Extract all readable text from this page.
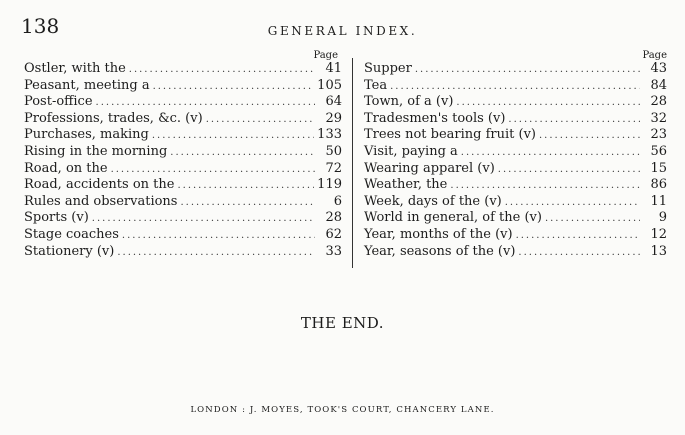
138	GENERAL INDEX.
Page
Ostler, with the .....	41
Peasant, meeting a .....	105
Post-office .....	64
Professions, trades, &c. (v) .....	29
Purchases, making .....	133
Rising in the morning .....	50
Road, on the .....	72
Road, accidents on the .....	119
Rules and observations .....	6
Sports (v) .....	28
Stage coaches .....	62
Stationery (v) .....	33
Page
Supper .....	43
Tea .....	84
Town, of a (v) .....	28
Tradesmen's tools (v) .....	32
Trees not bearing fruit (v) .....	23
Visit, paying a .....	56
Wearing apparel (v) .....	15
Weather, the .....	86
Week, days of the (v) .....	11
World in general, of the (v) .....	9
Year, months of the (v) .....	12
Year, seasons of the (v) .....	13
THE END.
LONDON : J. MOYES, TOOK'S COURT, CHANCERY LANE.
